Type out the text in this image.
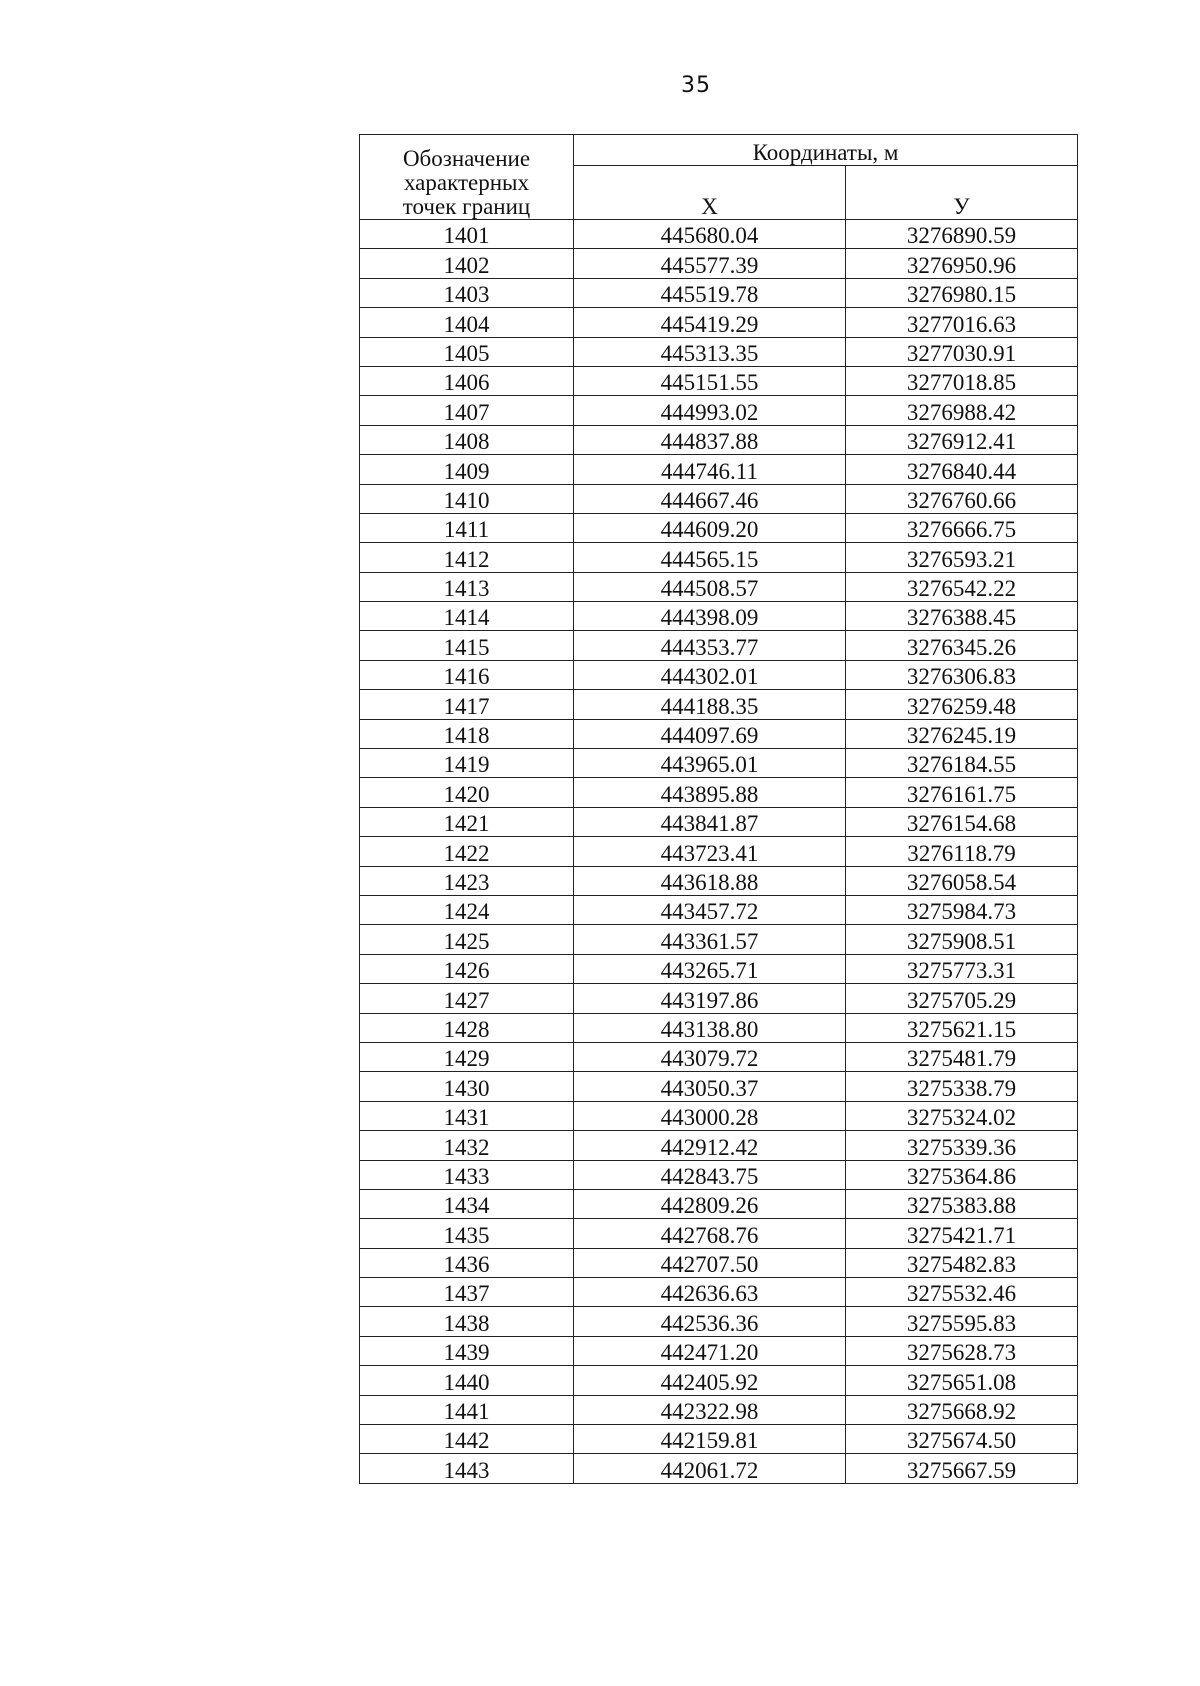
35
Обозначение
характерных
точек границ	Координаты, м	
	X	У
1401	445680.04	3276890.59
1402	445577.39	3276950.96
1403	445519.78	3276980.15
1404	445419.29	3277016.63
1405	445313.35	3277030.91
1406	445151.55	3277018.85
1407	444993.02	3276988.42
1408	444837.88	3276912.41
1409	444746.11	3276840.44
1410	444667.46	3276760.66
1411	444609.20	3276666.75
1412	444565.15	3276593.21
1413	444508.57	3276542.22
1414	444398.09	3276388.45
1415	444353.77	3276345.26
1416	444302.01	3276306.83
1417	444188.35	3276259.48
1418	444097.69	3276245.19
1419	443965.01	3276184.55
1420	443895.88	3276161.75
1421	443841.87	3276154.68
1422	443723.41	3276118.79
1423	443618.88	3276058.54
1424	443457.72	3275984.73
1425	443361.57	3275908.51
1426	443265.71	3275773.31
1427	443197.86	3275705.29
1428	443138.80	3275621.15
1429	443079.72	3275481.79
1430	443050.37	3275338.79
1431	443000.28	3275324.02
1432	442912.42	3275339.36
1433	442843.75	3275364.86
1434	442809.26	3275383.88
1435	442768.76	3275421.71
1436	442707.50	3275482.83
1437	442636.63	3275532.46
1438	442536.36	3275595.83
1439	442471.20	3275628.73
1440	442405.92	3275651.08
1441	442322.98	3275668.92
1442	442159.81	3275674.50
1443	442061.72	3275667.59
